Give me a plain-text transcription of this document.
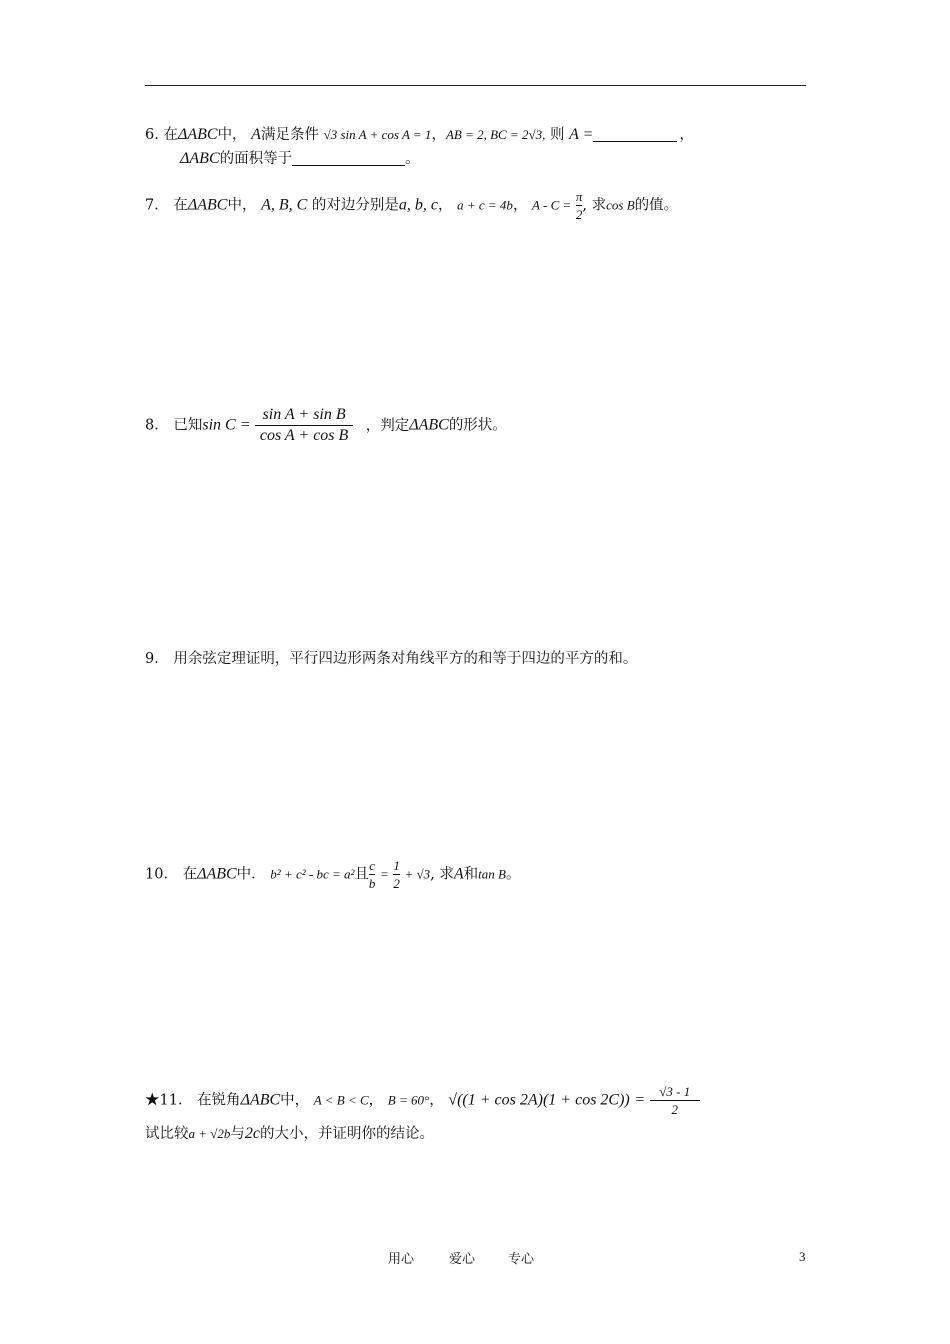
6. 在ΔABC中， A满足条件 √3 sin A + cos A = 1，AB = 2, BC = 2√3, 则 A =	，
ΔABC的面积等于	。
7． 在ΔABC中， A, B, C 的对边分别是a, b, c， a + c = 4b， $A - C = \frac{\pi}{2}$ , 求cos B的值。
8． 已知$\sin C = \frac{\text{sin A + sin B}}{\text{cos A + cos B}}$ ，判定ΔABC的形状。
9． 用余弦定理证明，平行四边形两条对角线平方的和等于四边的平方的和。
10． 在ΔABC中． b² + c² - bc = a²且 $\frac{c}{b} = \frac{1}{2} + √3$, 求A和tan B。
★11． 在锐角ΔABC中， A < B < C， B = 60°， $√((1 + \cos 2A)(1 + \cos 2C)) = \frac{√3 - 1}{2}$
试比较a + √2b与2c的大小，并证明你的结论。
用心	爱心	专心	3
